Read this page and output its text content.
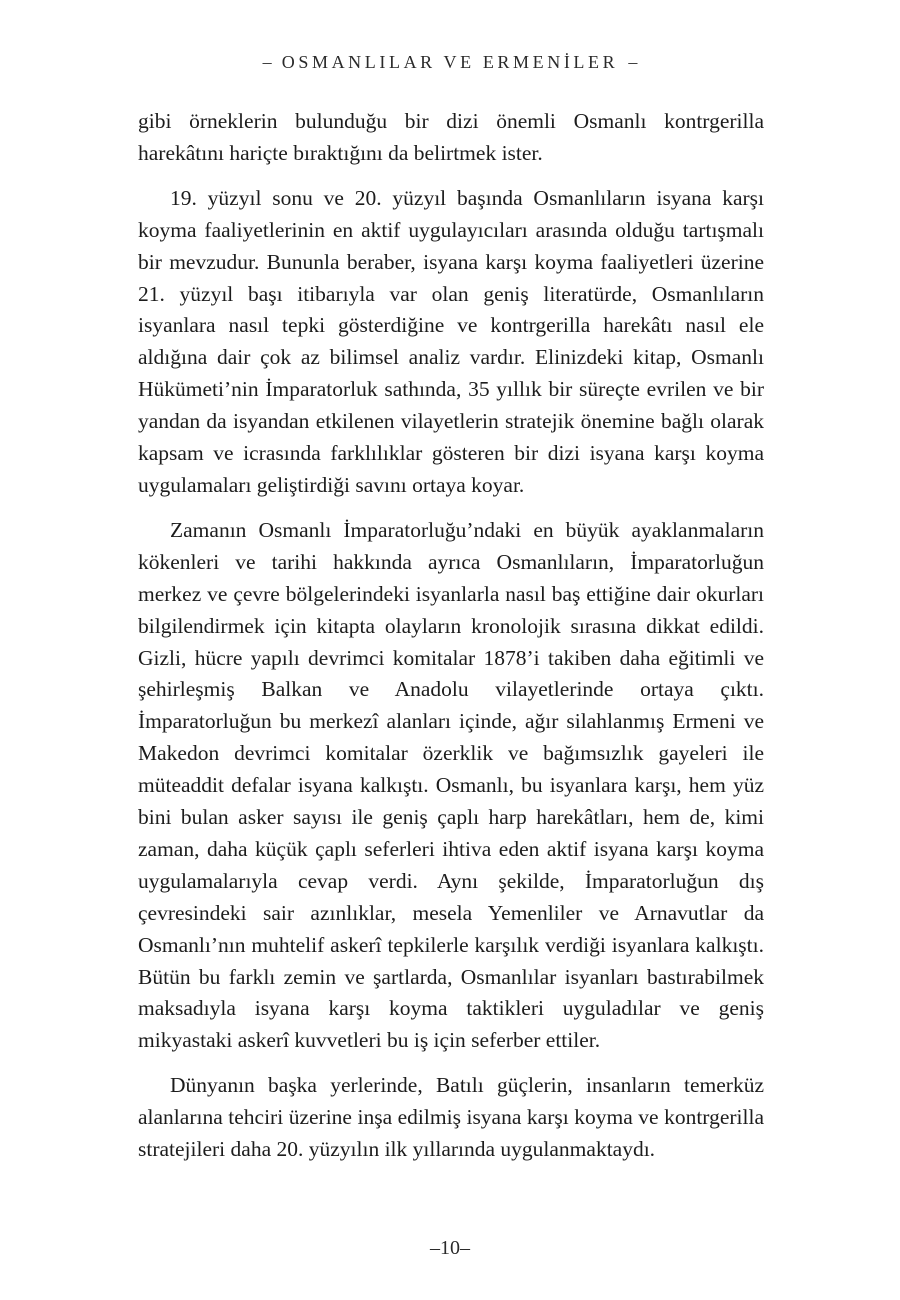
– OSMANLILAR VE ERMENİLER –

gibi örneklerin bulunduğu bir dizi önemli Osmanlı kontrgerilla harekâtını hariçte bıraktığını da belirtmek ister.

19. yüzyıl sonu ve 20. yüzyıl başında Osmanlıların isyana karşı koyma faaliyetlerinin en aktif uygulayıcıları arasında olduğu tartışmalı bir mevzudur. Bununla beraber, isyana karşı koyma faaliyetleri üzerine 21. yüzyıl başı itibarıyla var olan geniş literatürde, Osmanlıların isyanlara nasıl tepki gösterdiğine ve kontrgerilla harekâtı nasıl ele aldığına dair çok az bilimsel analiz vardır. Elinizdeki kitap, Osmanlı Hükümeti’nin İmparatorluk sathında, 35 yıllık bir süreçte evrilen ve bir yandan da isyandan etkilenen vilayetlerin stratejik önemine bağlı olarak kapsam ve icrasında farklılıklar gösteren bir dizi isyana karşı koyma uygulamaları geliştirdiği savını ortaya koyar.

Zamanın Osmanlı İmparatorluğu’ndaki en büyük ayaklanmaların kökenleri ve tarihi hakkında ayrıca Osmanlıların, İmparatorluğun merkez ve çevre bölgelerindeki isyanlarla nasıl baş ettiğine dair okurları bilgilendirmek için kitapta olayların kronolojik sırasına dikkat edildi. Gizli, hücre yapılı devrimci komitalar 1878’i takiben daha eğitimli ve şehirleşmiş Balkan ve Anadolu vilayetlerinde ortaya çıktı. İmparatorluğun bu merkezî alanları içinde, ağır silahlanmış Ermeni ve Makedon devrimci komitalar özerklik ve bağımsızlık gayeleri ile müteaddit defalar isyana kalkıştı. Osmanlı, bu isyanlara karşı, hem yüz bini bulan asker sayısı ile geniş çaplı harp harekâtları, hem de, kimi zaman, daha küçük çaplı seferleri ihtiva eden aktif isyana karşı koyma uygulamalarıyla cevap verdi. Aynı şekilde, İmparatorluğun dış çevresindeki sair azınlıklar, mesela Yemenliler ve Arnavutlar da Osmanlı’nın muhtelif askerî tepkilerle karşılık verdiği isyanlara kalkıştı. Bütün bu farklı zemin ve şartlarda, Osmanlılar isyanları bastırabilmek maksadıyla isyana karşı koyma taktikleri uyguladılar ve geniş mikyastaki askerî kuvvetleri bu iş için seferber ettiler.

Dünyanın başka yerlerinde, Batılı güçlerin, insanların temerküz alanlarına tehciri üzerine inşa edilmiş isyana karşı koyma ve kontrgerilla stratejileri daha 20. yüzyılın ilk yıllarında uygulanmaktaydı.

–10–
